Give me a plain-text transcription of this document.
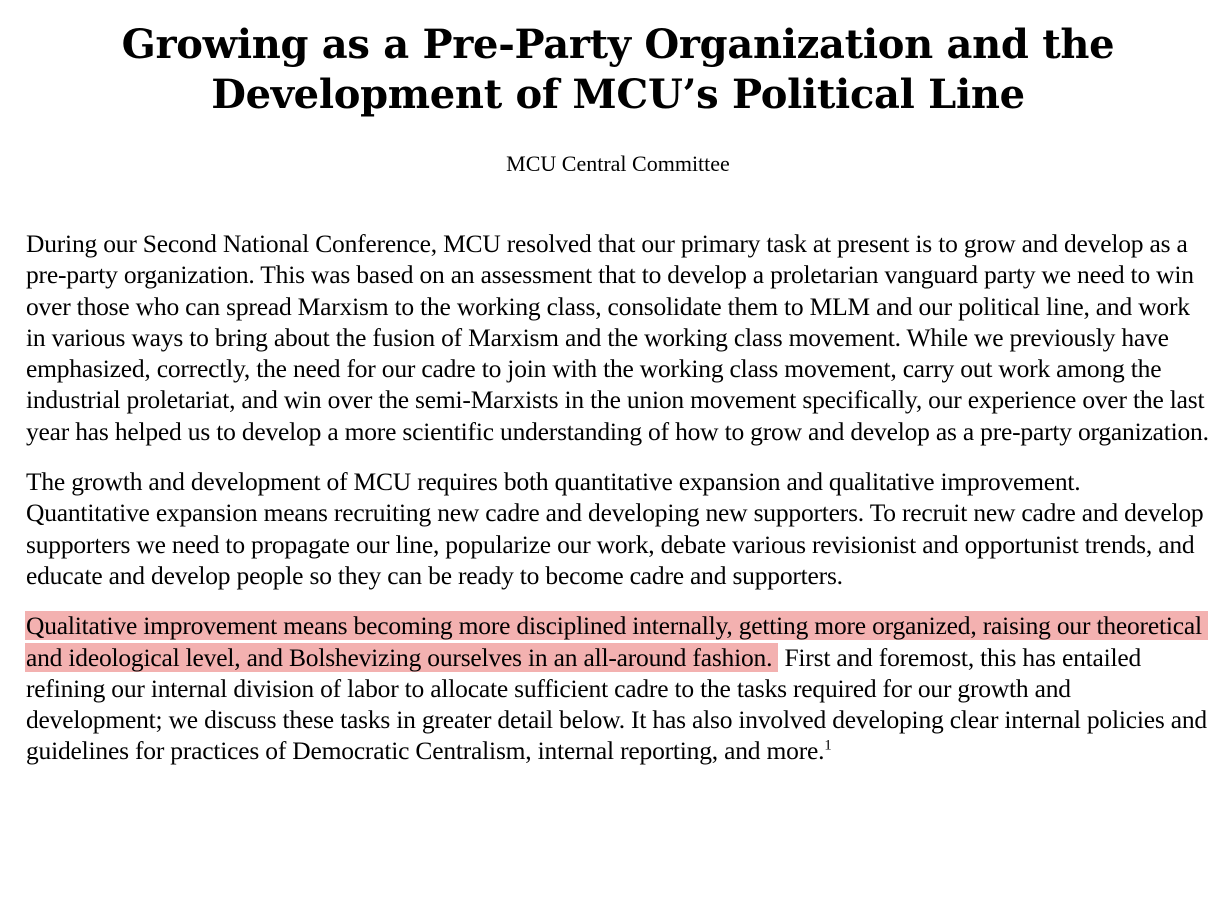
Growing as a Pre-Party Organization and the Development of MCU’s Political Line
MCU Central Committee

During our Second National Conference, MCU resolved that our primary task at present is to grow and develop as a pre-party organization. This was based on an assessment that to develop a proletarian vanguard party we need to win over those who can spread Marxism to the working class, consolidate them to MLM and our political line, and work in various ways to bring about the fusion of Marxism and the working class movement. While we previously have emphasized, correctly, the need for our cadre to join with the working class movement, carry out work among the industrial proletariat, and win over the semi-Marxists in the union movement specifically, our experience over the last year has helped us to develop a more scientific understanding of how to grow and develop as a pre-party organization.

The growth and development of MCU requires both quantitative expansion and qualitative improvement. Quantitative expansion means recruiting new cadre and developing new supporters. To recruit new cadre and develop supporters we need to propagate our line, popularize our work, debate various revisionist and opportunist trends, and educate and develop people so they can be ready to become cadre and supporters.

Qualitative improvement means becoming more disciplined internally, getting more organized, raising our theoretical and ideological level, and Bolshevizing ourselves in an all-around fashion. First and foremost, this has entailed refining our internal division of labor to allocate sufficient cadre to the tasks required for our growth and development; we discuss these tasks in greater detail below. It has also involved developing clear internal policies and guidelines for practices of Democratic Centralism, internal reporting, and more.$^1$
